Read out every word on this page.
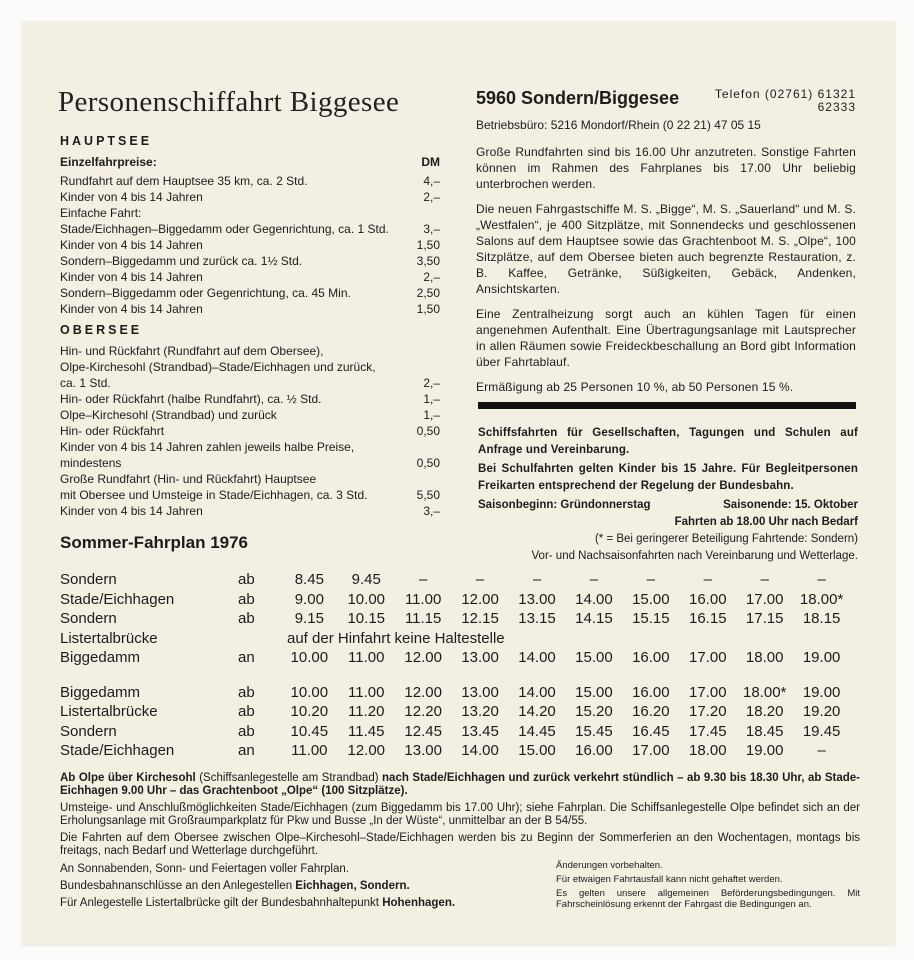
Personenschiffahrt Biggesee
HAUPTSEE
Einzelfahrpreise:	DM
Rundfahrt auf dem Hauptsee 35 km, ca. 2 Std.	4,–
Kinder von 4 bis 14 Jahren	2,–
Einfache Fahrt:
Stade/Eichhagen–Biggedamm oder Gegenrichtung, ca. 1 Std.	3,–
Kinder von 4 bis 14 Jahren	1,50
Sondern–Biggedamm und zurück ca. 1½ Std.	3,50
Kinder von 4 bis 14 Jahren	2,–
Sondern–Biggedamm oder Gegenrichtung, ca. 45 Min.	2,50
Kinder von 4 bis 14 Jahren	1,50
OBERSEE
Hin- und Rückfahrt (Rundfahrt auf dem Obersee),
Olpe-Kirchesohl (Strandbad)–Stade/Eichhagen und zurück,
ca. 1 Std.	2,–
Hin- oder Rückfahrt (halbe Rundfahrt), ca. ½ Std.	1,–
Olpe–Kirchesohl (Strandbad) und zurück	1,–
Hin- oder Rückfahrt	0,50
Kinder von 4 bis 14 Jahren zahlen jeweils halbe Preise,
mindestens	0,50
Große Rundfahrt (Hin- und Rückfahrt) Hauptsee
mit Obersee und Umsteige in Stade/Eichhagen, ca. 3 Std.	5,50
Kinder von 4 bis 14 Jahren	3,–
Sommer-Fahrplan 1976
5960 Sondern/Biggesee	Telefon (02761) 61321
62333
Betriebsbüro: 5216 Mondorf/Rhein (0 22 21) 47 05 15

Große Rundfahrten sind bis 16.00 Uhr anzutreten. Sonstige Fahrten können im Rahmen des Fahrplanes bis 17.00 Uhr beliebig unterbrochen werden.

Die neuen Fahrgastschiffe M. S. „Bigge“, M. S. „Sauerland“ und M. S. „Westfalen“, je 400 Sitzplätze, mit Sonnendecks und geschlossenen Salons auf dem Hauptsee sowie das Grachtenboot M. S. „Olpe“, 100 Sitzplätze, auf dem Obersee bieten auch begrenzte Restauration, z. B. Kaffee, Getränke, Süßigkeiten, Gebäck, Andenken, Ansichtskarten.

Eine Zentralheizung sorgt auch an kühlen Tagen für einen angenehmen Aufenthalt. Eine Übertragungsanlage mit Lautsprecher in allen Räumen sowie Freideckbeschallung an Bord gibt Information über Fahrtablauf.

Ermäßigung ab 25 Personen 10 %, ab 50 Personen 15 %.

Schiffsfahrten für Gesellschaften, Tagungen und Schulen auf Anfrage und Vereinbarung.

Bei Schulfahrten gelten Kinder bis 15 Jahre. Für Begleitpersonen Freikarten entsprechend der Regelung der Bundesbahn.

Saisonbeginn: Gründonnerstag	Saisonende: 15. Oktober
Fahrten ab 18.00 Uhr nach Bedarf
(* = Bei geringerer Beteiligung Fahrtende: Sondern)
Vor- und Nachsaisonfahrten nach Vereinbarung und Wetterlage.
Sondern	ab	8.45	9.45	–	–	–	–	–	–	–	–
Stade/Eichhagen	ab	9.00	10.00	11.00	12.00	13.00	14.00	15.00	16.00	17.00	18.00*
Sondern	ab	9.15	10.15	11.15	12.15	13.15	14.15	15.15	16.15	17.15	18.15
Listertalbrücke	auf der Hinfahrt keine Haltestelle
Biggedamm	an	10.00	11.00	12.00	13.00	14.00	15.00	16.00	17.00	18.00	19.00
Biggedamm	ab	10.00	11.00	12.00	13.00	14.00	15.00	16.00	17.00	18.00*	19.00
Listertalbrücke	ab	10.20	11.20	12.20	13.20	14.20	15.20	16.20	17.20	18.20	19.20
Sondern	ab	10.45	11.45	12.45	13.45	14.45	15.45	16.45	17.45	18.45	19.45
Stade/Eichhagen	an	11.00	12.00	13.00	14.00	15.00	16.00	17.00	18.00	19.00	–

Ab Olpe über Kirchesohl (Schiffsanlegestelle am Strandbad) nach Stade/Eichhagen und zurück verkehrt stündlich – ab 9.30 bis 18.30 Uhr, ab Stade-Eichhagen 9.00 Uhr – das Grachtenboot „Olpe“ (100 Sitzplätze).

Umsteige- und Anschlußmöglichkeiten Stade/Eichhagen (zum Biggedamm bis 17.00 Uhr); siehe Fahrplan. Die Schiffsanlegestelle Olpe befindet sich an der Erholungsanlage mit Großraumparkplatz für Pkw und Busse „In der Wüste“, unmittelbar an der B 54/55.

Die Fahrten auf dem Obersee zwischen Olpe–Kirchesohl–Stade/Eichhagen werden bis zu Beginn der Sommerferien an den Wochentagen, montags bis freitags, nach Bedarf und Wetterlage durchgeführt.

An Sonnabenden, Sonn- und Feiertagen voller Fahrplan.

Bundesbahnanschlüsse an den Anlegestellen Eichhagen, Sondern.

Für Anlegestelle Listertalbrücke gilt der Bundesbahnhaltepunkt Hohenhagen.

Änderungen vorbehalten.

Für etwaigen Fahrtausfall kann nicht gehaftet werden.

Es gelten unsere allgemeinen Beförderungsbedingungen. Mit Fahrscheinlösung erkennt der Fahrgast die Bedingungen an.
